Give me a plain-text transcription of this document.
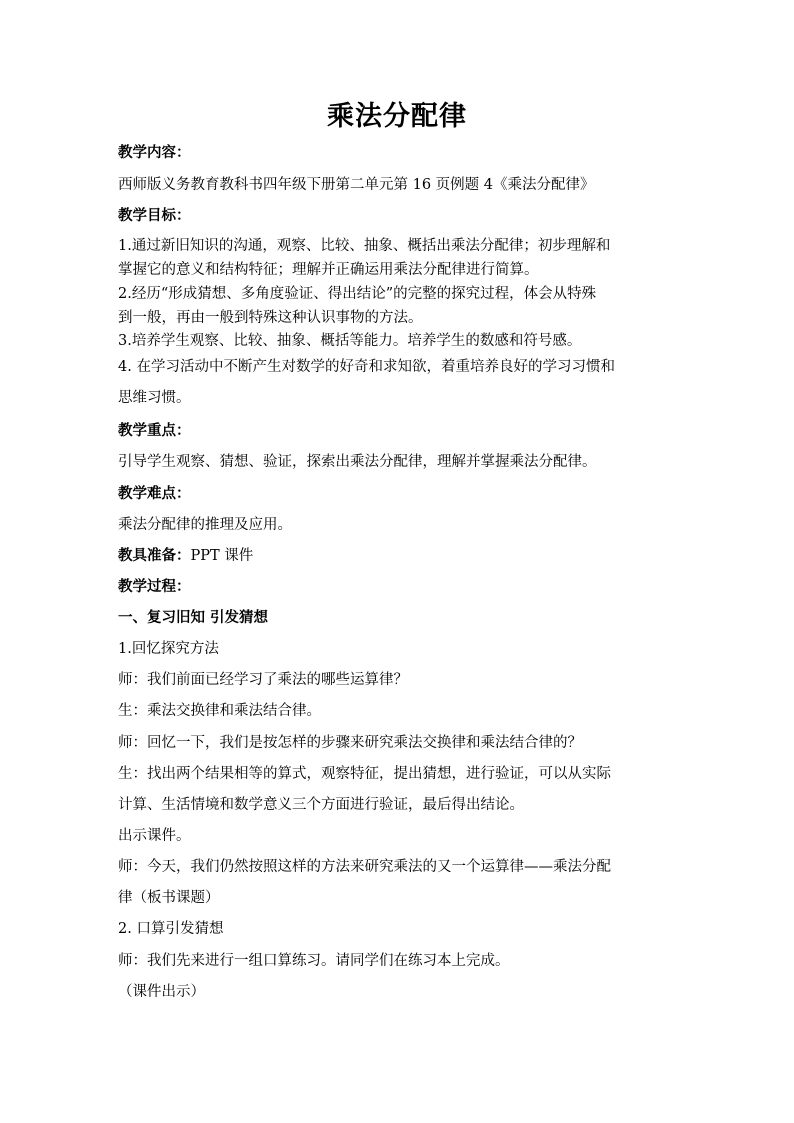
乘法分配律
教学内容：
西师版义务教育教科书四年级下册第二单元第 16 页例题 4《乘法分配律》
教学目标：
1.通过新旧知识的沟通，观察、比较、抽象、概括出乘法分配律；初步理解和
掌握它的意义和结构特征；理解并正确运用乘法分配律进行简算。
2.经历“形成猜想、多角度验证、得出结论”的完整的探究过程，体会从特殊
到一般，再由一般到特殊这种认识事物的方法。
3.培养学生观察、比较、抽象、概括等能力。培养学生的数感和符号感。
4. 在学习活动中不断产生对数学的好奇和求知欲，着重培养良好的学习习惯和
思维习惯。
教学重点：
引导学生观察、猜想、验证，探索出乘法分配律，理解并掌握乘法分配律。
教学难点：
乘法分配律的推理及应用。
教具准备：PPT 课件
教学过程：
一、复习旧知 引发猜想
1.回忆探究方法
师：我们前面已经学习了乘法的哪些运算律？
生：乘法交换律和乘法结合律。
师：回忆一下，我们是按怎样的步骤来研究乘法交换律和乘法结合律的？
生：找出两个结果相等的算式，观察特征，提出猜想，进行验证，可以从实际
计算、生活情境和数学意义三个方面进行验证，最后得出结论。
出示课件。
师：今天，我们仍然按照这样的方法来研究乘法的又一个运算律——乘法分配
律（板书课题）
2. 口算引发猜想
师：我们先来进行一组口算练习。请同学们在练习本上完成。
（课件出示）
